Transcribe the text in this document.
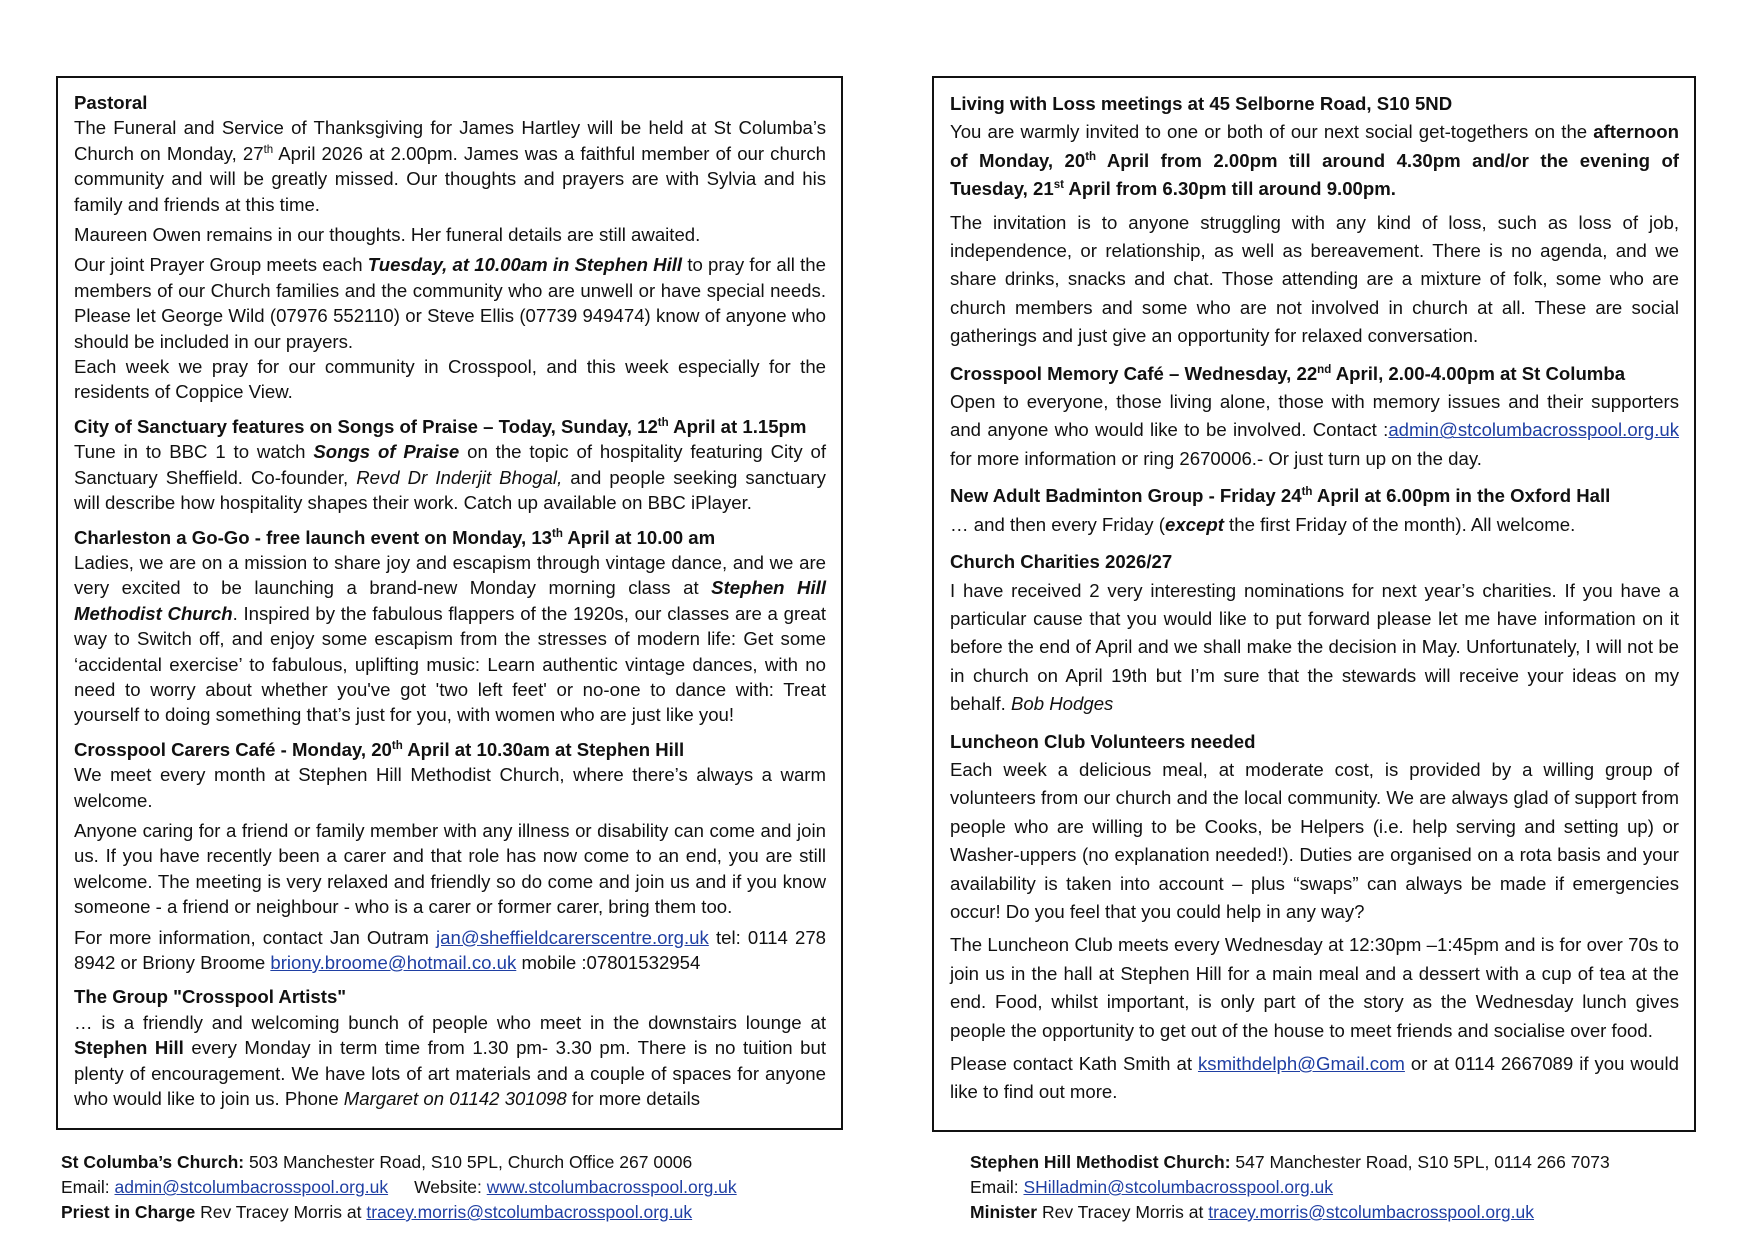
Pastoral

The Funeral and Service of Thanksgiving for James Hartley will be held at St Columba’s Church on Monday, 27th April 2026 at 2.00pm. James was a faithful member of our church community and will be greatly missed. Our thoughts and prayers are with Sylvia and his family and friends at this time.

Maureen Owen remains in our thoughts. Her funeral details are still awaited.

Our joint Prayer Group meets each Tuesday, at 10.00am in Stephen Hill to pray for all the members of our Church families and the community who are unwell or have special needs. Please let George Wild (07976 552110) or Steve Ellis (07739 949474) know of anyone who should be included in our prayers.

Each week we pray for our community in Crosspool, and this week especially for the residents of Coppice View.

City of Sanctuary features on Songs of Praise – Today, Sunday, 12th April at 1.15pm

Tune in to BBC 1 to watch Songs of Praise on the topic of hospitality featuring City of Sanctuary Sheffield. Co-founder, Revd Dr Inderjit Bhogal, and people seeking sanctuary will describe how hospitality shapes their work. Catch up available on BBC iPlayer.

Charleston a Go-Go - free launch event on Monday, 13th April at 10.00 am

Ladies, we are on a mission to share joy and escapism through vintage dance, and we are very excited to be launching a brand-new Monday morning class at Stephen Hill Methodist Church. Inspired by the fabulous flappers of the 1920s, our classes are a great way to Switch off, and enjoy some escapism from the stresses of modern life: Get some ‘accidental exercise’ to fabulous, uplifting music: Learn authentic vintage dances, with no need to worry about whether you've got 'two left feet' or no-one to dance with: Treat yourself to doing something that’s just for you, with women who are just like you!

Crosspool Carers Café - Monday, 20th April at 10.30am at Stephen Hill

We meet every month at Stephen Hill Methodist Church, where there’s always a warm welcome.

Anyone caring for a friend or family member with any illness or disability can come and join us. If you have recently been a carer and that role has now come to an end, you are still welcome. The meeting is very relaxed and friendly so do come and join us and if you know someone - a friend or neighbour - who is a carer or former carer, bring them too.

For more information, contact Jan Outram jan@sheffieldcarerscentre.org.uk tel: 0114 278 8942 or Briony Broome briony.broome@hotmail.co.uk mobile :07801532954

The Group "Crosspool Artists"

… is a friendly and welcoming bunch of people who meet in the downstairs lounge at Stephen Hill every Monday in term time from 1.30 pm- 3.30 pm. There is no tuition but plenty of encouragement. We have lots of art materials and a couple of spaces for anyone who would like to join us. Phone Margaret on 01142 301098 for more details

Living with Loss meetings at 45 Selborne Road, S10 5ND

You are warmly invited to one or both of our next social get-togethers on the afternoon of Monday, 20th April from 2.00pm till around 4.30pm and/or the evening of Tuesday, 21st April from 6.30pm till around 9.00pm.

The invitation is to anyone struggling with any kind of loss, such as loss of job, independence, or relationship, as well as bereavement. There is no agenda, and we share drinks, snacks and chat. Those attending are a mixture of folk, some who are church members and some who are not involved in church at all. These are social gatherings and just give an opportunity for relaxed conversation.

Crosspool Memory Café – Wednesday, 22nd April, 2.00-4.00pm at St Columba

Open to everyone, those living alone, those with memory issues and their supporters and anyone who would like to be involved. Contact :admin@stcolumbacrosspool.org.uk for more information or ring 2670006.- Or just turn up on the day.

New Adult Badminton Group - Friday 24th April at 6.00pm in the Oxford Hall

… and then every Friday (except the first Friday of the month). All welcome.

Church Charities 2026/27

I have received 2 very interesting nominations for next year’s charities. If you have a particular cause that you would like to put forward please let me have information on it before the end of April and we shall make the decision in May. Unfortunately, I will not be in church on April 19th but I’m sure that the stewards will receive your ideas on my behalf. Bob Hodges

Luncheon Club Volunteers needed

Each week a delicious meal, at moderate cost, is provided by a willing group of volunteers from our church and the local community. We are always glad of support from people who are willing to be Cooks, be Helpers (i.e. help serving and setting up) or Washer-uppers (no explanation needed!). Duties are organised on a rota basis and your availability is taken into account – plus “swaps” can always be made if emergencies occur! Do you feel that you could help in any way?

The Luncheon Club meets every Wednesday at 12:30pm –1:45pm and is for over 70s to join us in the hall at Stephen Hill for a main meal and a dessert with a cup of tea at the end. Food, whilst important, is only part of the story as the Wednesday lunch gives people the opportunity to get out of the house to meet friends and socialise over food.

Please contact Kath Smith at ksmithdelph@Gmail.com or at 0114 2667089 if you would like to find out more.

St Columba’s Church: 503 Manchester Road, S10 5PL, Church Office 267 0006
Email: admin@stcolumbacrosspool.org.uk Website: www.stcolumbacrosspool.org.uk
Priest in Charge Rev Tracey Morris at tracey.morris@stcolumbacrosspool.org.uk
Stephen Hill Methodist Church: 547 Manchester Road, S10 5PL, 0114 266 7073
Email: SHilladmin@stcolumbacrosspool.org.uk
Minister Rev Tracey Morris at tracey.morris@stcolumbacrosspool.org.uk
